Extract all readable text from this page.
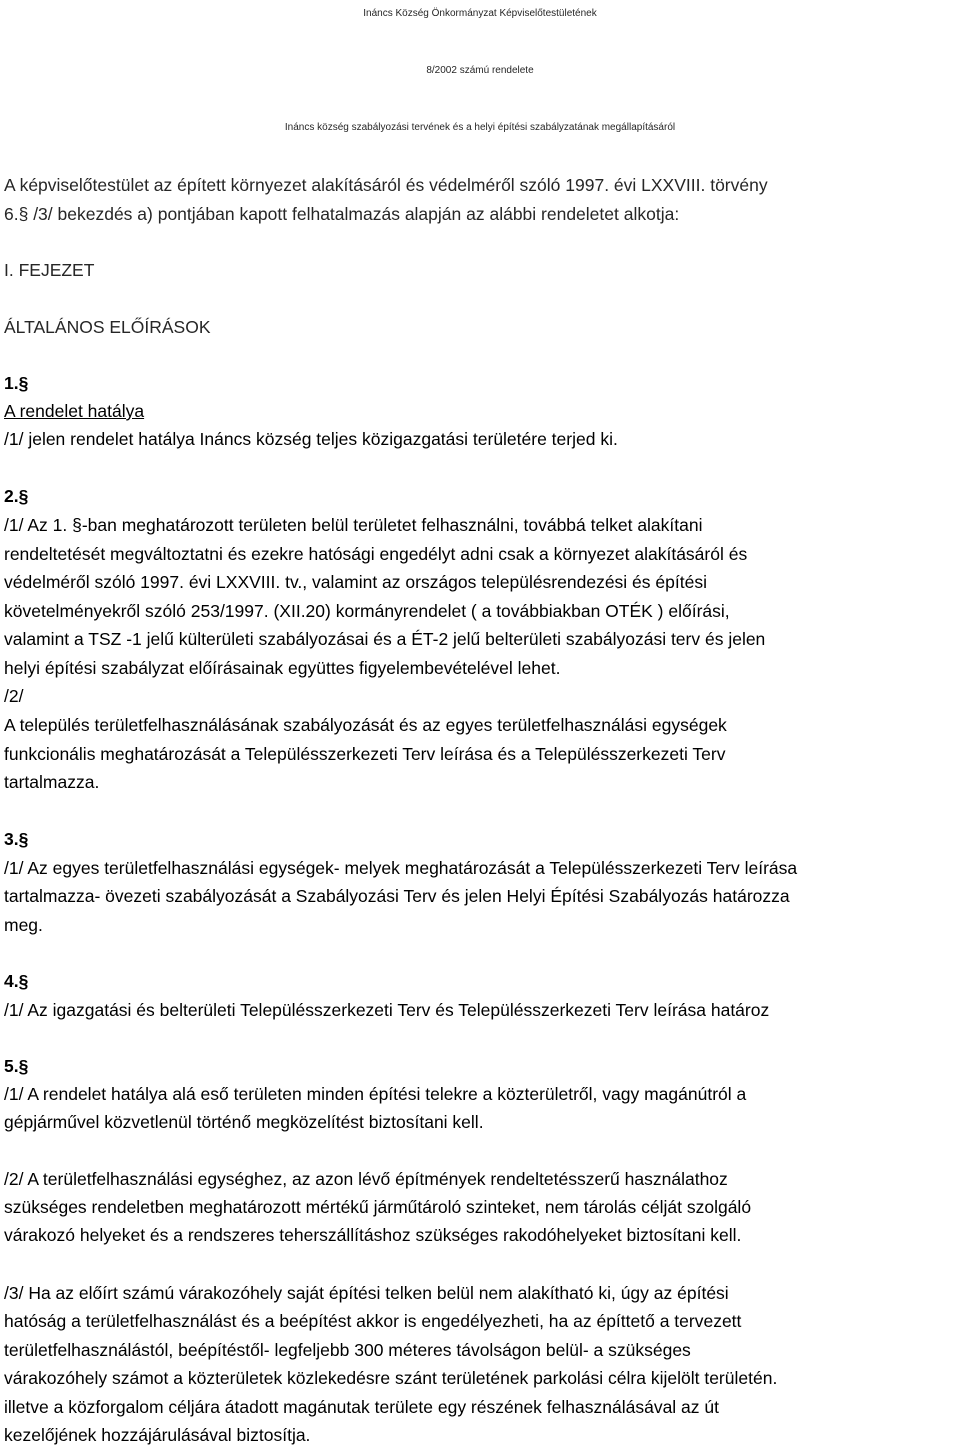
Ináncs Község Önkormányzat Képviselőtestületének
8/2002 számú rendelete
Ináncs község szabályozási tervének és a helyi építési szabályzatának megállapításáról
A képviselőtestület az épített környezet alakításáról és védelméről szóló 1997. évi LXXVIII. törvény
6.§ /3/ bekezdés a) pontjában kapott felhatalmazás alapján az alábbi rendeletet alkotja:
I. FEJEZET
ÁLTALÁNOS ELŐÍRÁSOK
1.§
A rendelet hatálya
/1/ jelen rendelet hatálya Ináncs község teljes közigazgatási területére terjed ki.
2.§
/1/ Az 1. §-ban meghatározott területen belül területet felhasználni, továbbá telket alakítani
rendeltetését megváltoztatni és ezekre hatósági engedélyt adni csak a környezet alakításáról és
védelméről szóló 1997. évi LXXVIII. tv., valamint az országos településrendezési és építési
követelményekről szóló 253/1997. (XII.20) kormányrendelet ( a továbbiakban OTÉK ) előírási,
valamint a TSZ -1 jelű külterületi szabályozásai és a ÉT-2 jelű belterületi szabályozási terv és jelen
helyi építési szabályzat előírásainak együttes figyelembevételével lehet.
/2/
A település területfelhasználásának szabályozását és az egyes területfelhasználási egységek
funkcionális meghatározását a Településszerkezeti Terv leírása és a Településszerkezeti Terv
tartalmazza.
3.§
/1/ Az egyes területfelhasználási egységek- melyek meghatározását a Településszerkezeti Terv leírása
tartalmazza- övezeti szabályozását a Szabályozási Terv és jelen Helyi Építési Szabályozás határozza
meg.
4.§
/1/ Az igazgatási és belterületi Településszerkezeti Terv és Településszerkezeti Terv leírása határoz
5.§
/1/ A rendelet hatálya alá eső területen minden építési telekre a közterületről, vagy magánútról a
gépjárművel közvetlenül történő megközelítést biztosítani kell.
/2/ A területfelhasználási egységhez, az azon lévő építmények rendeltetésszerű használathoz
szükséges rendeletben meghatározott mértékű járműtároló szinteket, nem tárolás célját szolgáló
várakozó helyeket és a rendszeres teherszállításhoz szükséges rakodóhelyeket biztosítani kell.
/3/ Ha az előírt számú várakozóhely saját építési telken belül nem alakítható ki, úgy az építési
hatóság a területfelhasználást és a beépítést akkor is engedélyezheti, ha az építtető a tervezett
területfelhasználástól, beépítéstől- legfeljebb 300 méteres távolságon belül- a szükséges
várakozóhely számot a közterületek közlekedésre szánt területének parkolási célra kijelölt területén.
illetve a közforgalom céljára átadott magánutak területe egy részének felhasználásával az út
kezelőjének hozzájárulásával biztosítja.
